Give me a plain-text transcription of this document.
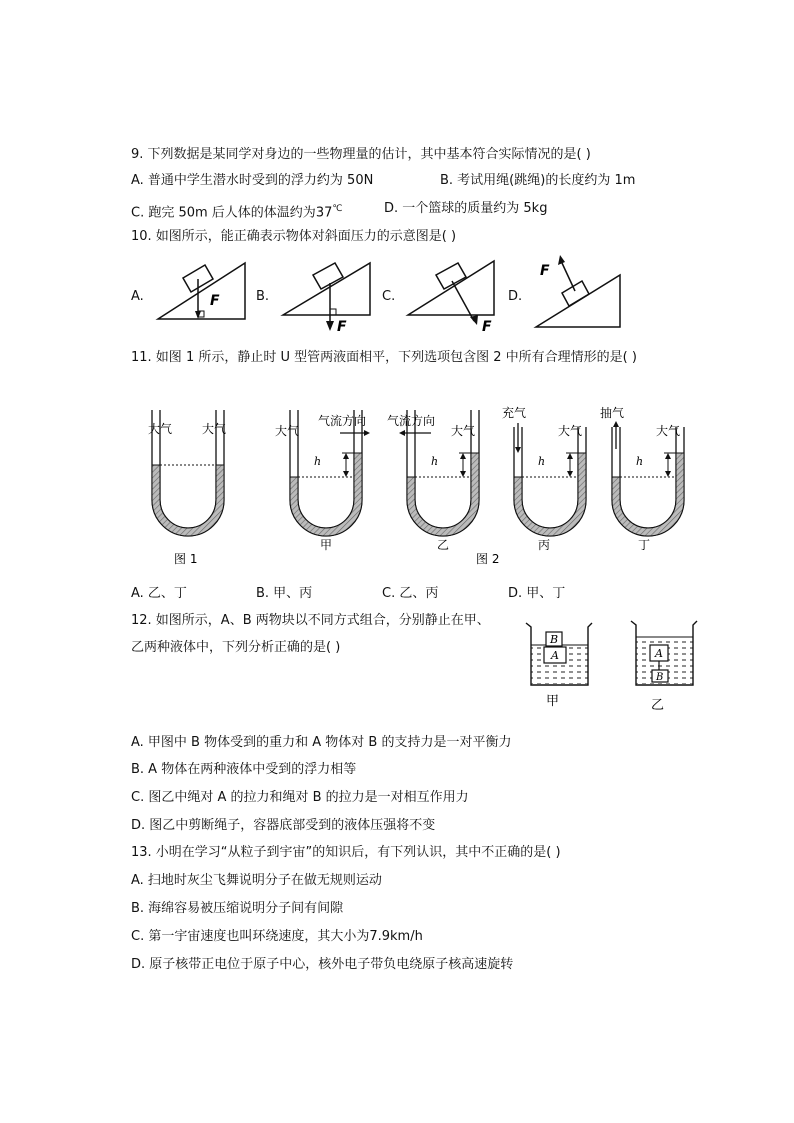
9. 下列数据是某同学对身边的一些物理量的估计，其中基本符合实际情况的是( )
A. 普通中学生潜水时受到的浮力约为 50N	B. 考试用绳(跳绳)的长度约为 1m
C. 跑完 50m 后人体的体温约为37℃	D. 一个篮球的质量约为 5kg
10. 如图所示，能正确表示物体对斜面压力的示意图是( )
A.	B.	C.	D.
F
F	F
F
11. 如图 1 所示，静止时 U 型管两液面相平，下列选项包含图 2 中所有合理情形的是( )
大气 大气
图 1
h
大气
气流方向
甲
h
气流方向
大气
乙
图 2
h
充气
大气
丙
h
抽气
大气
丁
A. 乙、丁	B. 甲、丙	C. 乙、丙	D. 甲、丁
12. 如图所示，A、B 两物块以不同方式组合，分别静止在甲、
乙两种液体中，下列分析正确的是( )
B
A
甲
A
B
乙
A. 甲图中 B 物体受到的重力和 A 物体对 B 的支持力是一对平衡力
B. A 物体在两种液体中受到的浮力相等
C. 图乙中绳对 A 的拉力和绳对 B 的拉力是一对相互作用力
D. 图乙中剪断绳子，容器底部受到的液体压强将不变
13. 小明在学习“从粒子到宇宙”的知识后，有下列认识，其中不正确的是( )
A. 扫地时灰尘飞舞说明分子在做无规则运动
B. 海绵容易被压缩说明分子间有间隙
C. 第一宇宙速度也叫环绕速度，其大小为7.9km/h
D. 原子核带正电位于原子中心，核外电子带负电绕原子核高速旋转
